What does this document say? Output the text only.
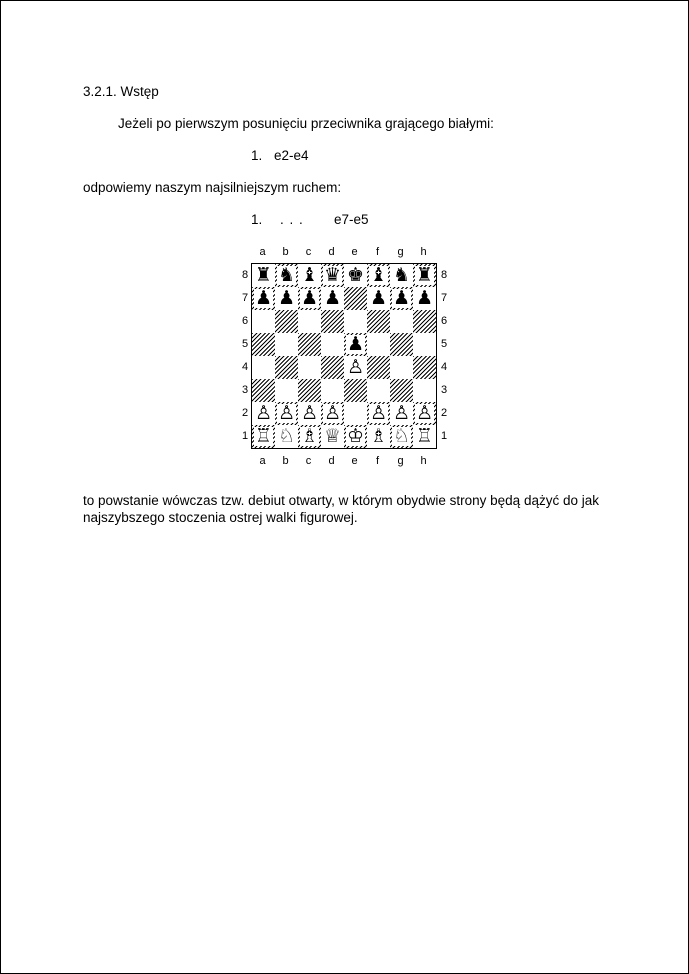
3.2.1. Wstęp
Jeżeli po pierwszym posunięciu przeciwnika grającego białymi:
1. e2-e4
odpowiemy naszym najsilniejszym ruchem:
1. . . . e7-e5
a	b	c	d	e	f	g	h
8
7
6
5
4
3
2
1
♜ ♞ ♝ ♛ ♚ ♝ ♞ ♜
♟ ♟ ♟ ♟ ♟ ♟ ♟
♟
♙
♙ ♙ ♙ ♙ ♙ ♙ ♙
♖ ♘ ♗ ♕ ♔ ♗ ♘ ♖
8
7
6
5
4
3
2
1
a	b	c	d	e	f	g	h
to powstanie wówczas tzw. debiut otwarty, w którym obydwie strony będą dążyć do jak najszybszego stoczenia ostrej walki figurowej.
